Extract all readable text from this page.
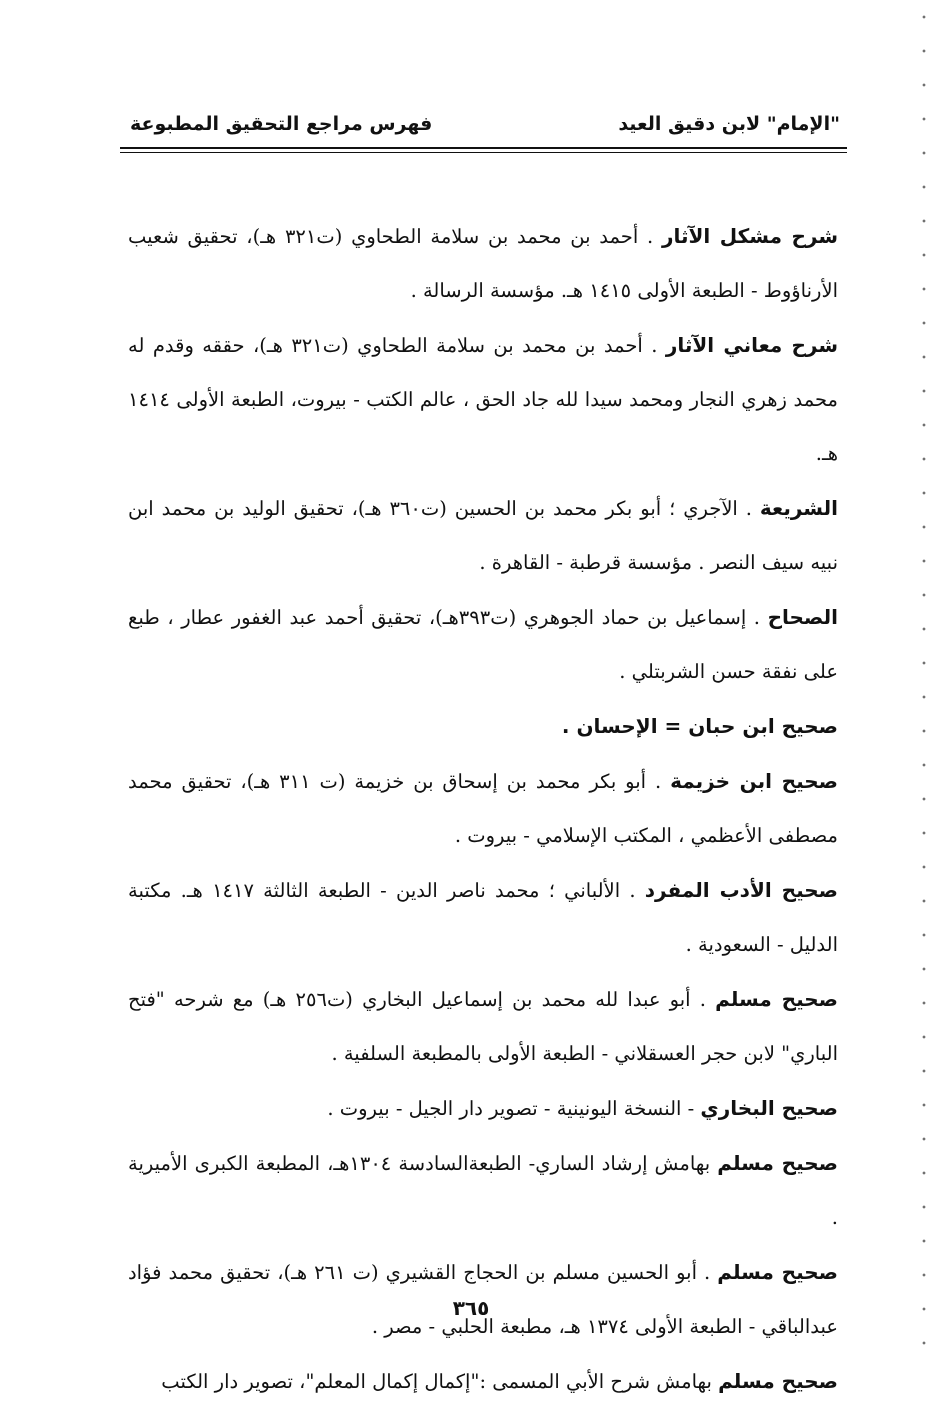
"الإمام" لابن دقيق العيد
فهرس مراجع التحقيق المطبوعة

شرح مشكل الآثار . أحمد بن محمد بن سلامة الطحاوي (ت٣٢١ هـ)، تحقيق شعيب الأرناؤوط - الطبعة الأولى ١٤١٥ هـ. مؤسسة الرسالة .

شرح معاني الآثار . أحمد بن محمد بن سلامة الطحاوي (ت٣٢١ هـ)، حققه وقدم له محمد زهري النجار ومحمد سيدا لله جاد الحق ، عالم الكتب - بيروت، الطبعة الأولى ١٤١٤ هـ.

الشريعة . الآجري ؛ أبو بكر محمد بن الحسين (ت٣٦٠ هـ)، تحقيق الوليد بن محمد ابن نبيه سيف النصر . مؤسسة قرطبة - القاهرة .

الصحاح . إسماعيل بن حماد الجوهري (ت٣٩٣هـ)، تحقيق أحمد عبد الغفور عطار ، طبع على نفقة حسن الشربتلي .

صحيح ابن حبان = الإحسان .

صحيح ابن خزيمة . أبو بكر محمد بن إسحاق بن خزيمة (ت ٣١١ هـ)، تحقيق محمد مصطفى الأعظمي ، المكتب الإسلامي - بيروت .

صحيح الأدب المفرد . الألباني ؛ محمد ناصر الدين - الطبعة الثالثة ١٤١٧ هـ. مكتبة الدليل - السعودية .

صحيح مسلم . أبو عبدا لله محمد بن إسماعيل البخاري (ت٢٥٦ هـ) مع شرحه "فتح الباري" لابن حجر العسقلاني - الطبعة الأولى بالمطبعة السلفية .

صحيح البخاري - النسخة اليونينية - تصوير دار الجيل - بيروت .

صحيح مسلم بهامش إرشاد الساري- الطبعةالسادسة ١٣٠٤هـ، المطبعة الكبرى الأميرية .

صحيح مسلم . أبو الحسين مسلم بن الحجاج القشيري (ت ٢٦١ هـ)، تحقيق محمد فؤاد عبدالباقي - الطبعة الأولى ١٣٧٤ هـ، مطبعة الحلبي - مصر .

صحيح مسلم بهامش شرح الأبي المسمى :"إكمال إكمال المعلم"، تصوير دار الكتب

٣٦٥
